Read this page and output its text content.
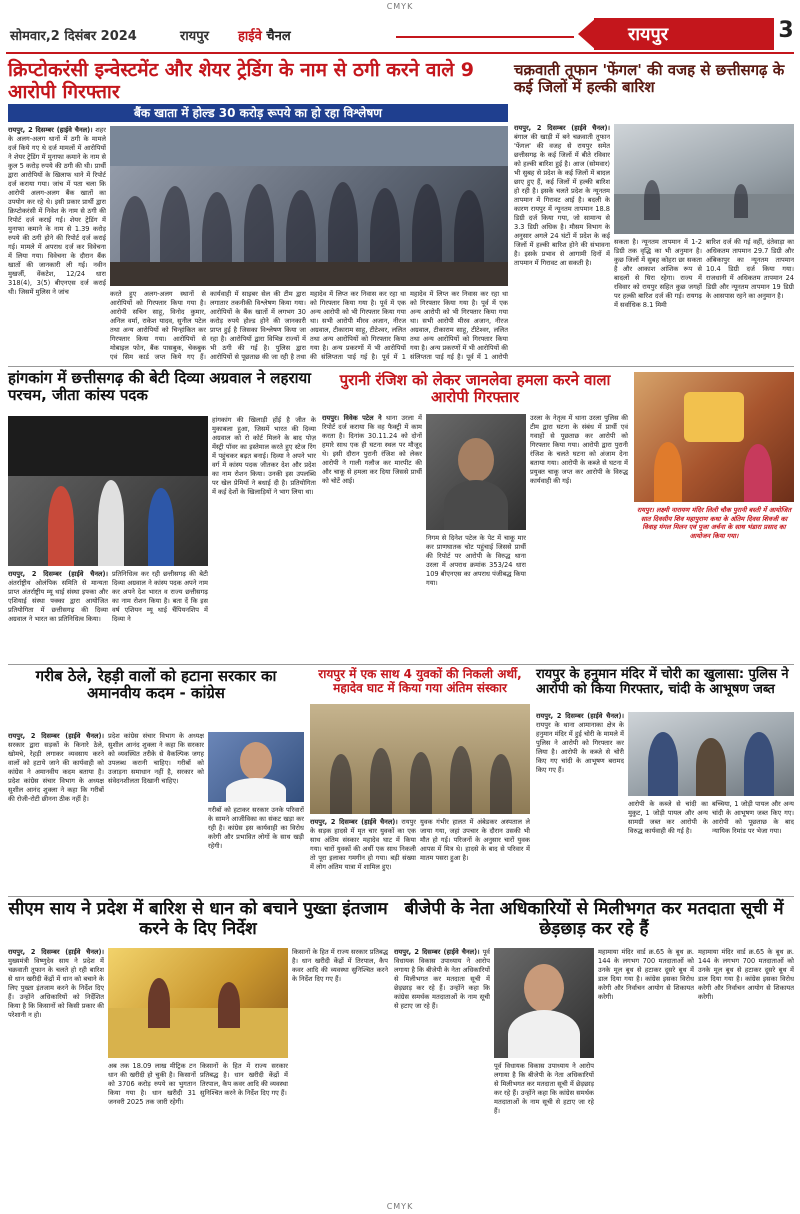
CMYK
सोमवार,2 दिसंबर 2024	रायपुर हाईवे चैनल	रायपुर	3
क्रिप्टोकरंसी इन्वेस्टमेंट और शेयर ट्रेडिंग के नाम से ठगी करने वाले 9 आरोपी गिरफ्तार
बैंक खाता में होल्ड 30 करोड़ रूपये का हो रहा विश्लेषण
रायपुर, 2 दिसम्बर (हाईवे चैनल)। शहर के अलग-अलग थानों में ठगी के मामले दर्ज किये गए थे दर्ज मामलों में आरोपियों ने शेयर ट्रेडिंग में मुनाफा कमाने के नाम से कुल 5 करोड़ रुपये की ठगी की थी। प्रार्थी द्वारा आरोपियों के खिलाफ थाने में रिपोर्ट दर्ज कराया गया। जांच में पता चला कि आरोपी अलग-अलग बैंक खातों का उपयोग कर रहे थे। इसी प्रकार प्रार्थी द्वारा क्रिप्टोकरंसी में निवेश के नाम से ठगी की रिपोर्ट दर्ज कराई गई। शेयर ट्रेडिंग में मुनाफा कमाने के नाम से 1.39 करोड़ रुपये की ठगी होने की रिपोर्ट दर्ज कराई गई। मामले में अपराध दर्ज कर विवेचना में लिया गया। विवेचना के दौरान बैंक खातों की जानकारी ली गई। नवीन मुखर्जी, वेंकटेश, 12/24 धारा 318(4), 3(5) बीएनएस दर्ज कराई थी। जिसमें मुलिस ने जांच	करते हुए अलग-अलग स्थानों से आरोपियों को गिरफ्तार किया गया है। आरोपी सचिन साहू, विनोद कुमार, अनिल वर्मा, राकेश यादव, सुनील पटेल तथा अन्य आरोपियों को चिन्हांकित कर गिरफ्तार किया गया। आरोपियों से मोबाइल फोन, बैंक पासबुक, चेकबुक एवं सिम कार्ड जप्त किये गए हैं।
कार्यवाही में साइबर सेल की टीम द्वारा लगातार तकनीकी विश्लेषण किया गया। आरोपियों के बैंक खातों में लगभग 30 करोड़ रुपये होल्ड होने की जानकारी प्राप्त हुई है जिसका विश्लेषण किया जा रहा है। आरोपियों द्वारा विभिन्न राज्यों में भी ठगी की गई है। पुलिस द्वारा आरोपियों से पूछताछ की जा रही है तथा
महादेव में लिप्त कर निवास कर रहा था को गिरफ्तार किया गया है। पूर्व में एक अन्य आरोपी को भी गिरफ्तार किया गया था। सभी आरोपी मीरव अजान, नीरज अग्रवाल, टीकाराम साहू, टीटेश्वर, ललित तथा अन्य आरोपियों को गिरफ्तार किया गया है। अन्य प्रकरणों में भी आरोपियों की संलिप्तता पाई गई है। पूर्व में 1
महादेव में लिप्त कर निवास कर रहा था को गिरफ्तार किया गया है। पूर्व में एक अन्य आरोपी को भी गिरफ्तार किया गया था। सभी आरोपी मीरव अजान, नीरज अग्रवाल, टीकाराम साहू, टीटेश्वर, ललित तथा अन्य आरोपियों को गिरफ्तार किया गया है। अन्य प्रकरणों में भी आरोपियों की संलिप्तता पाई गई है। पूर्व में 1 आरोपी
चक्रवाती तूफान 'फेंगल' की वजह से छत्तीसगढ़ के कई जिलों में हल्की बारिश
रायपुर, 2 दिसम्बर (हाईवे चैनल)। बंगाल की खाड़ी में बने चक्रवाती तूफान 'फेंगल' की वजह से रायपुर समेत छत्तीसगढ़ के कई जिलों में बीते रविवार को हल्की बारिश हुई है। आज (सोमवार) भी सुबह से प्रदेश के कई जिलों में बादल छाए हुए हैं, कई जिलों में हल्की बारिश हो रही है। इसके चलते प्रदेश के न्यूनतम तापमान में गिरावट आई है। बदली के कारण रायपुर में न्यूनतम तापमान 18.8 डिग्री दर्ज किया गया, जो सामान्य से 3.3 डिग्री अधिक है। मौसम विभाग के अनुसार अगले 24 घंटों में प्रदेश के कई जिलों में हल्की बारिश होने की संभावना है। इसके प्रभाव से आगामी दिनों में तापमान में गिरावट आ सकती है।
सकता है। न्यूनतम तापमान में 1-2 डिग्री तक वृद्धि का भी अनुमान है। कुछ जिलों में सुबह कोहरा छा सकता है और आकाश आंशिक रूप से बादलों से घिरा रहेगा। राज्य में रविवार को रायपुर सहित कुछ जगहों पर हल्की बारिश दर्ज की गई। रायगढ़ में सर्वाधिक 8.1 मिमी
बारिश दर्ज की गई वहीं, दंतेवाड़ा का अधिकतम तापमान 29.7 डिग्री और अंबिकापुर का न्यूनतम तापमान 10.4 डिग्री दर्ज किया गया। राजधानी में अधिकतम तापमान 24 डिग्री और न्यूनतम तापमान 19 डिग्री के आसपास रहने का अनुमान है।
हांगकांग में छत्तीसगढ़ की बेटी दिव्या अग्रवाल ने लहराया परचम, जीता कांस्य पदक
हांगकांग की खिलाड़ी होंई है जीत के मुकाबला हुआ, जिसमें भारत की दिव्या अग्रवाल को रो कोर्ट मिलने के बाद पोज़ मेंस्ट्री पॉवर का इस्तेमाल करते हुए स्टेज रिंग में पहुंचकर बढ़त बनाई। दिव्या ने अपने भार वर्ग में कांस्य पदक जीतकर देश और प्रदेश का नाम रोशन किया। उनकी इस उपलब्धि पर खेल प्रेमियों ने बधाई दी है। प्रतियोगिता में कई देशों के खिलाड़ियों ने भाग लिया था।
रायपुर, 2 दिसम्बर (हाईवे चैनल)। अंतर्राष्ट्रीय ओलंपिक समिति से मान्यता प्राप्त अंतर्राष्ट्रीय म्यू थाई संस्था इफ्का और एशियाई संस्था फ्क्का द्वारा आयोजित प्रतियोगिता में छत्तीसगढ़ की दिव्या अग्रवाल ने भारत का प्रतिनिधित्व किया।
प्रतिनिधित्व कर रही छत्तीसगढ़ की बेटी दिव्या अग्रवाल ने कांस्य पदक अपने नाम कर अपने देश भारत व राज्य छत्तीसगढ़ का नाम रोशन किया है। बता दें कि इस वर्ष एशियन म्यू थाई चैंपियनशिप में दिव्या ने
पुरानी रंजिश को लेकर जानलेवा हमला करने वाला आरोपी गिरफ्तार
रायपुर। विवेक पटेल ने थाना उरला में रिपोर्ट दर्ज कराया कि वह फैक्ट्री में काम करता है। दिनांक 30.11.24 को दोनों हमारे साथ एक ही घटना स्थल पर मौजूद थे। इसी दौरान पुरानी रंजिश को लेकर आरोपी ने गाली गलौज कर मारपीट की और चाकू से हमला कर दिया जिससे प्रार्थी को चोटें आई।
निगम से दिनेश पटेल के पेट में चाकू मार कर प्राणघातक चोट पहुंचाई जिससे प्रार्थी की रिपोर्ट पर आरोपी के विरुद्ध थाना उरला में अपराध क्रमांक 353/24 धारा 109 बीएनएस का अपराध पंजीबद्ध किया गया।
उरला के नेतृत्व में थाना उरला पुलिस की टीम द्वारा घटना के संबंध में प्रार्थी एवं गवाहों से पूछताछ कर आरोपी को गिरफ्तार किया गया। आरोपी द्वारा पुरानी रंजिश के चलते घटना को अंजाम देना बताया गया। आरोपी के कब्जे से घटना में प्रयुक्त चाकू जप्त कर आरोपी के विरुद्ध कार्यवाही की गई।
रायपुर। लक्ष्मी नारायण मंदिर लिली चौक पुरानी बस्ती में आयोजित सात दिवसीय शिव महापुराण कथा के अंतिम दिवस शिवजी का विवाह मंगल मिलन एवं पूजा अर्चना के साथ भंडारा प्रसाद का आयोजन किया गया।
गरीब ठेले, रेहड़ी वालों को हटाना सरकार का अमानवीय कदम - कांग्रेस
रायपुर, 2 दिसम्बर (हाईवे चैनल)। सरकार द्वारा सड़कों के किनारे ठेले, खोमचे, रेहड़ी लगाकर व्यवसाय करने वालों को हटाये जाने की कार्यवाही को कांग्रेस ने अमानवीय कदम बताया है। प्रदेश कांग्रेस संचार विभाग के अध्यक्ष सुशील आनंद शुक्ला ने कहा कि गरीबों की रोजी-रोटी छीनना ठीक नहीं है।
प्रदेश कांग्रेस संचार विभाग के अध्यक्ष सुशील आनंद शुक्ला ने कहा कि सरकार को व्यवस्थित तरीके से वैकल्पिक जगह उपलब्ध करानी चाहिए। गरीबों को उजाड़ना समाधान नहीं है, सरकार को संवेदनशीलता दिखानी चाहिए।
गरीबों को हटाकर सरकार उनके परिवारों के सामने आजीविका का संकट खड़ा कर रही है। कांग्रेस इस कार्यवाही का विरोध करेगी और प्रभावित लोगों के साथ खड़ी रहेगी।
रायपुर में एक साथ 4 युवकों की निकली अर्थी, महादेव घाट में किया गया अंतिम संस्कार
रायपुर, 2 दिसम्बर (हाईवे चैनल)। रायपुर के सड़क हादसे में मृत चार युवकों का एक साथ अंतिम संस्कार महादेव घाट में किया गया। चारों युवकों की अर्थी एक साथ निकली तो पूरा इलाका गमगीन हो गया। बड़ी संख्या में लोग अंतिम यात्रा में शामिल हुए।
युवक गंभीर हालत में अंबेडकर अस्पताल ले जाया गया, जहां उपचार के दौरान उसकी भी मौत हो गई। परिजनों के अनुसार चारों युवक आपस में मित्र थे। हादसे के बाद से परिवार में मातम पसरा हुआ है।
रायपुर के हनुमान मंदिर में चोरी का खुलासा: पुलिस ने आरोपी को किया गिरफ्तार, चांदी के आभूषण जब्त
रायपुर, 2 दिसम्बर (हाईवे चैनल)। रायपुर के थाना आमानाका क्षेत्र के हनुमान मंदिर में हुई चोरी के मामले में पुलिस ने आरोपी को गिरफ्तार कर लिया है। आरोपी के कब्जे से चोरी किए गए चांदी के आभूषण बरामद किए गए हैं।
आरोपी के कब्जे से चांदी का मुकुट, 1 जोड़ी पायल और अन्य सामग्री जब्त कर आरोपी के विरुद्ध कार्यवाही की गई है।
बच्चिया, 1 जोड़ी पायल और अन्य चांदी के आभूषण जब्त किए गए। आरोपी को पूछताछ के बाद न्यायिक रिमांड पर भेजा गया।
सीएम साय ने प्रदेश में बारिश से धान को बचाने पुख्ता इंतजाम करने के दिए निर्देश
रायपुर, 2 दिसम्बर (हाईवे चैनल)। मुख्यमंत्री विष्णुदेव साय ने प्रदेश में चक्रवाती तूफान के चलते हो रही बारिश से धान खरीदी केंद्रों में धान को बचाने के लिए पुख्ता इंतजाम करने के निर्देश दिए हैं। उन्होंने अधिकारियों को निर्देशित किया है कि किसानों को किसी प्रकार की परेशानी न हो।
अब तक 18.09 लाख मीट्रिक टन धान की खरीदी हो चुकी है। किसानों को 3706 करोड़ रुपये का भुगतान किया गया है। धान खरीदी 31 जनवरी 2025 तक जारी रहेगी।
किसानों के हित में राज्य सरकार प्रतिबद्ध है। धान खरीदी केंद्रों में तिरपाल, कैप कवर आदि की व्यवस्था सुनिश्चित करने के निर्देश दिए गए हैं।
किसानों के हित में राज्य सरकार प्रतिबद्ध है। धान खरीदी केंद्रों में तिरपाल, कैप कवर आदि की व्यवस्था सुनिश्चित करने के निर्देश दिए गए हैं।
बीजेपी के नेता अधिकारियों से मिलीभगत कर मतदाता सूची में छेड़छाड़ कर रहे हैं
रायपुर, 2 दिसम्बर (हाईवे चैनल)। पूर्व विधायक विकास उपाध्याय ने आरोप लगाया है कि बीजेपी के नेता अधिकारियों से मिलीभगत कर मतदाता सूची में छेड़छाड़ कर रहे हैं। उन्होंने कहा कि कांग्रेस समर्थक मतदाताओं के नाम सूची से हटाए जा रहे हैं।
पूर्व विधायक विकास उपाध्याय ने आरोप लगाया है कि बीजेपी के नेता अधिकारियों से मिलीभगत कर मतदाता सूची में छेड़छाड़ कर रहे हैं। उन्होंने कहा कि कांग्रेस समर्थक मतदाताओं के नाम सूची से हटाए जा रहे हैं।
महामाया मंदिर वार्ड क्र.65 के बूथ क्र. 144 के लगभग 700 मतदाताओं को उनके मूल बूथ से हटाकर दूसरे बूथ में डाल दिया गया है। कांग्रेस इसका विरोध करेगी और निर्वाचन आयोग से शिकायत करेगी।
महामाया मंदिर वार्ड क्र.65 के बूथ क्र. 144 के लगभग 700 मतदाताओं को उनके मूल बूथ से हटाकर दूसरे बूथ में डाल दिया गया है। कांग्रेस इसका विरोध करेगी और निर्वाचन आयोग से शिकायत करेगी।
CMYK
